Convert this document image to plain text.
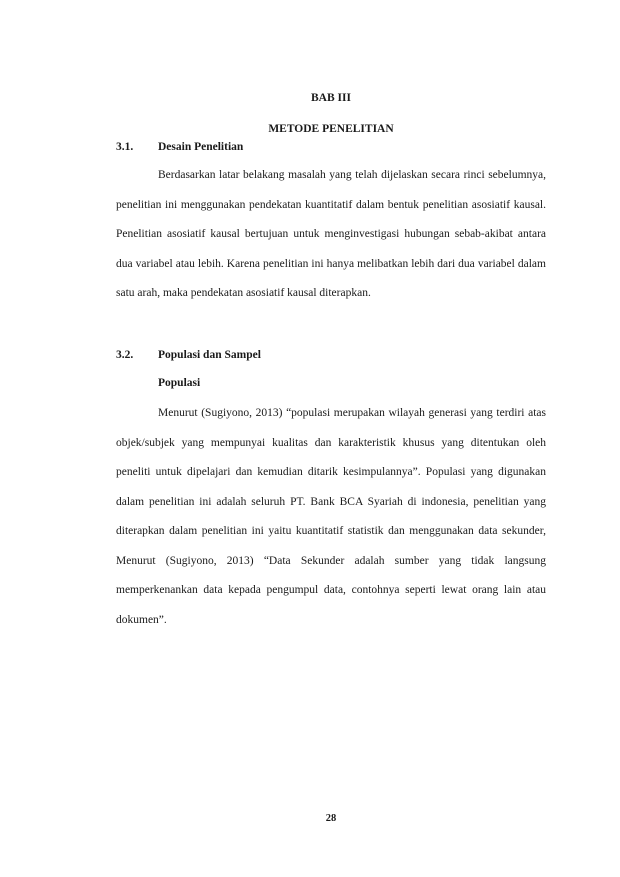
BAB III
METODE PENELITIAN
3.1. Desain Penelitian

Berdasarkan latar belakang masalah yang telah dijelaskan secara rinci sebelumnya, penelitian ini menggunakan pendekatan kuantitatif dalam bentuk penelitian asosiatif kausal. Penelitian asosiatif kausal bertujuan untuk menginvestigasi hubungan sebab-akibat antara dua variabel atau lebih. Karena penelitian ini hanya melibatkan lebih dari dua variabel dalam satu arah, maka pendekatan asosiatif kausal diterapkan.

3.2. Populasi dan Sampel
Populasi

Menurut (Sugiyono, 2013) “populasi merupakan wilayah generasi yang terdiri atas objek/subjek yang mempunyai kualitas dan karakteristik khusus yang ditentukan oleh peneliti untuk dipelajari dan kemudian ditarik kesimpulannya”. Populasi yang digunakan dalam penelitian ini adalah seluruh PT. Bank BCA Syariah di indonesia, penelitian yang diterapkan dalam penelitian ini yaitu kuantitatif statistik dan menggunakan data sekunder, Menurut (Sugiyono, 2013) “Data Sekunder adalah sumber yang tidak langsung memperkenankan data kepada pengumpul data, contohnya seperti lewat orang lain atau dokumen”.

28
